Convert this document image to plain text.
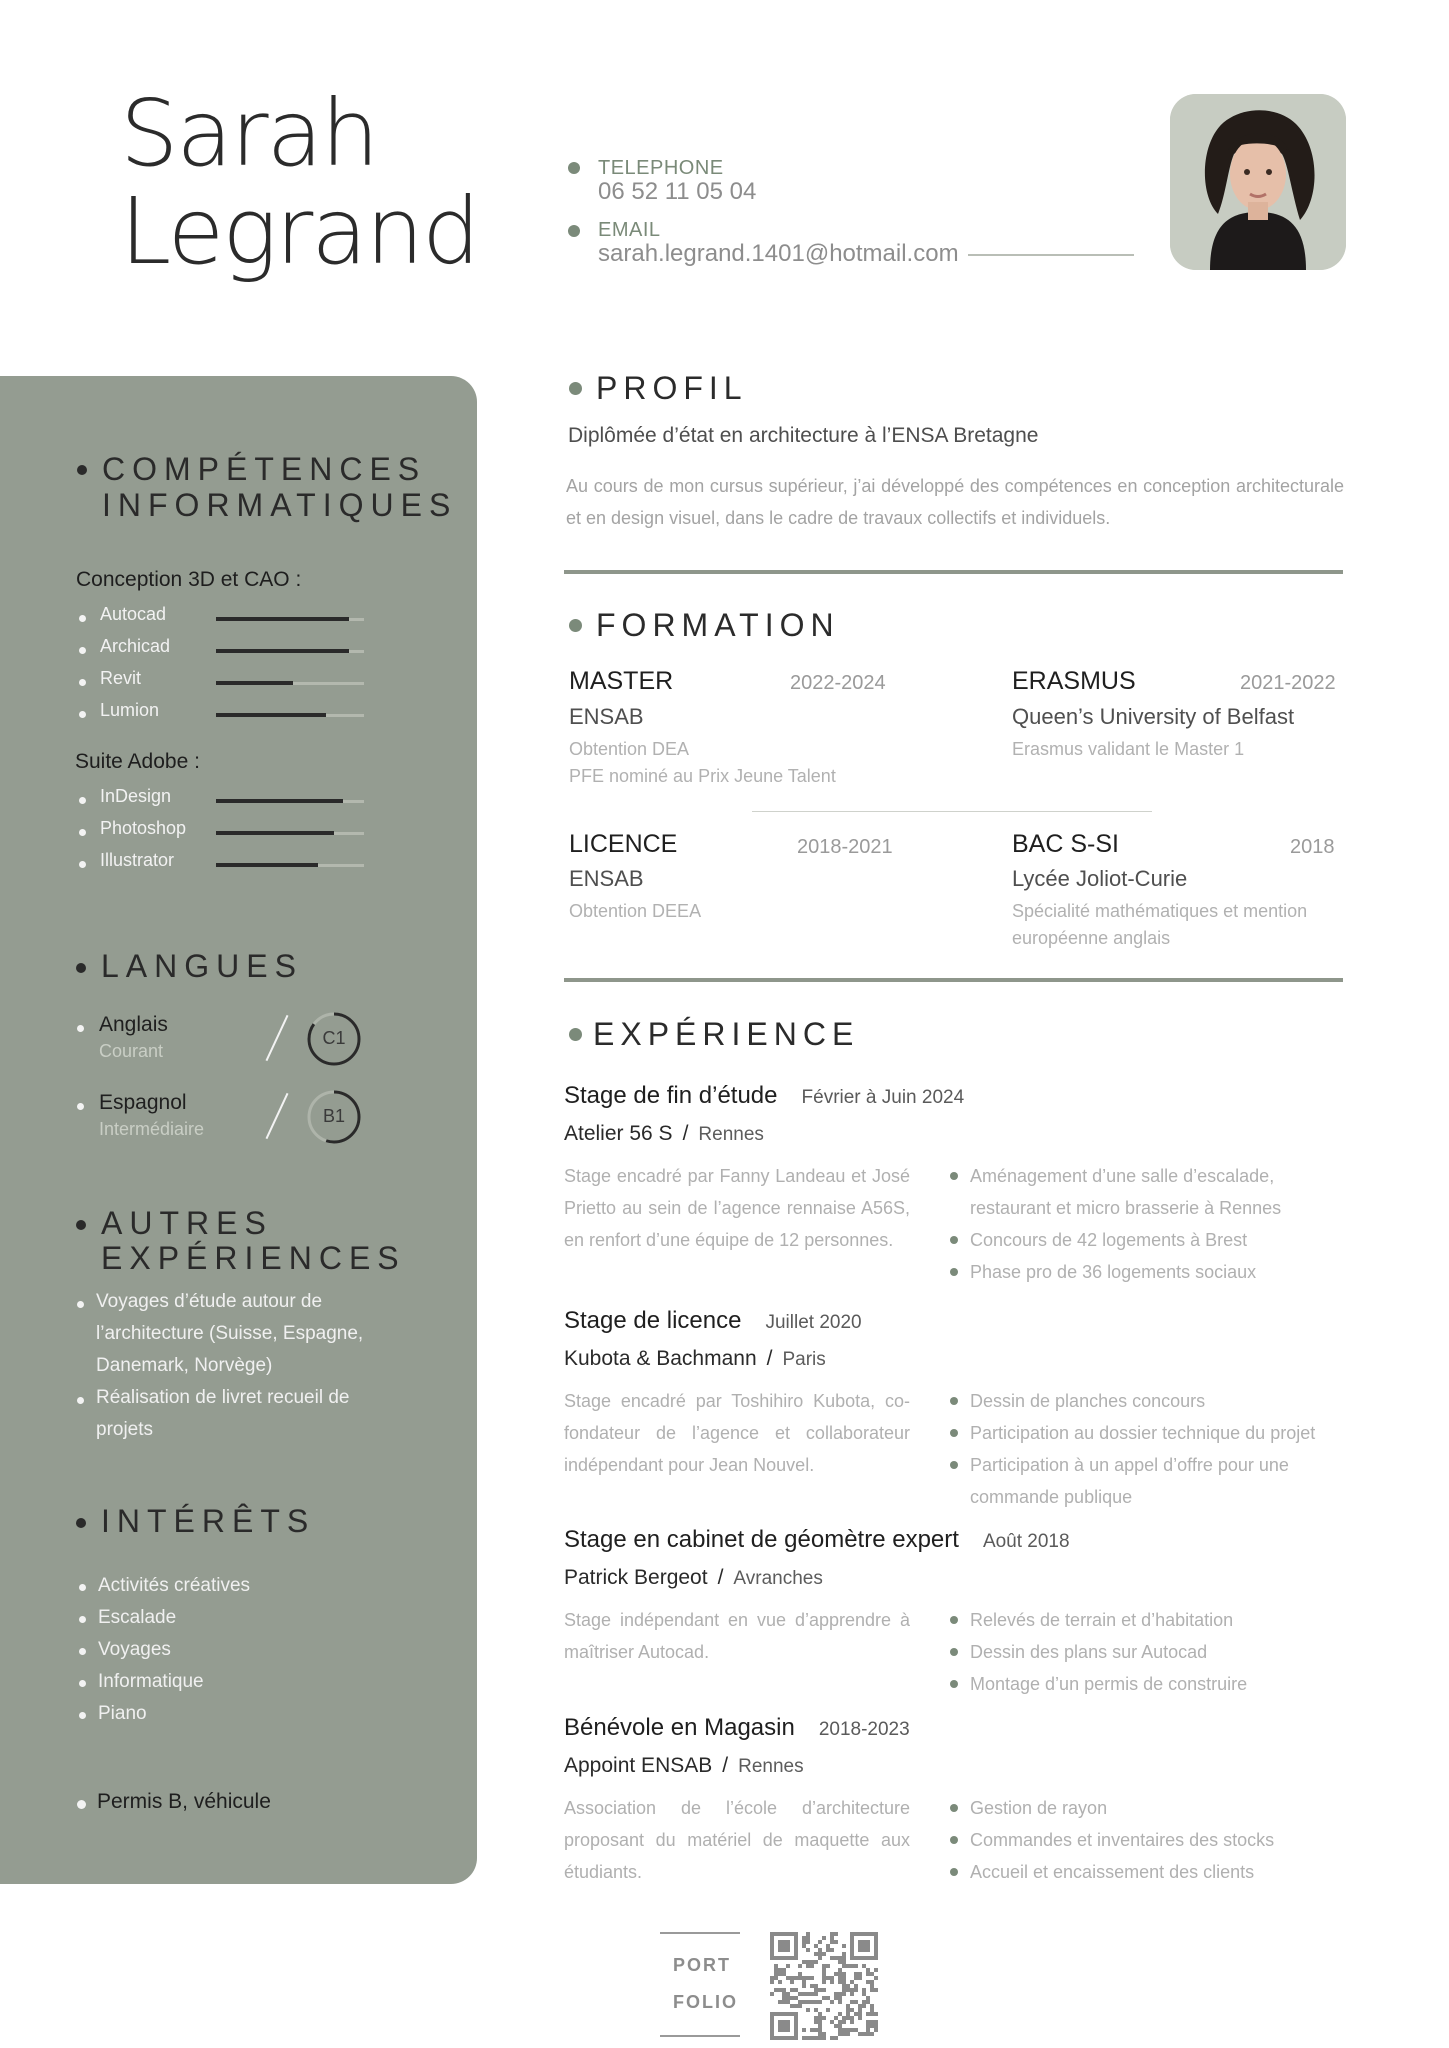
Sarah
Legrand
TELEPHONE
06 52 11 05 04
EMAIL
sarah.legrand.1401@hotmail.com
COMPÉTENCES
INFORMATIQUES
Conception 3D et CAO :
Autocad
Archicad
Revit
Lumion
Suite Adobe :
InDesign
Photoshop
Illustrator
LANGUES
Anglais
Courant
C1
Espagnol
Intermédiaire
B1
AUTRES
EXPÉRIENCES
Voyages d’étude autour de
l’architecture (Suisse, Espagne,
Danemark, Norvège)
Réalisation de livret recueil de
projets
INTÉRÊTS
Activités créatives
Escalade
Voyages
Informatique
Piano
Permis B, véhicule
PROFIL
Diplômée d’état en architecture à l’ENSA Bretagne
Au cours de mon cursus supérieur, j’ai développé des compétences en conception architecturale et en design visuel, dans le cadre de travaux collectifs et individuels.
FORMATION
MASTER	2022-2024
ENSAB
Obtention DEA
PFE nominé au Prix Jeune Talent
ERASMUS	2021-2022
Queen’s University of Belfast
Erasmus validant le Master 1
LICENCE	2018-2021
ENSAB
Obtention DEEA
BAC S-SI	2018
Lycée Joliot-Curie
Spécialité mathématiques et mention
européenne anglais
EXPÉRIENCE
Stage de fin d’étude Février à Juin 2024
Atelier 56 S / Rennes
Stage encadré par Fanny Landeau et José Prietto au sein de l’agence rennaise A56S, en renfort d’une équipe de 12 personnes.
Aménagement d’une salle d’escalade, restaurant et micro brasserie à Rennes
Concours de 42 logements à Brest
Phase pro de 36 logements sociaux
Stage de licence Juillet 2020
Kubota & Bachmann / Paris
Stage encadré par Toshihiro Kubota, co-fondateur de l’agence et collaborateur indépendant pour Jean Nouvel.
Dessin de planches concours
Participation au dossier technique du projet
Participation à un appel d’offre pour une commande publique
Stage en cabinet de géomètre expert Août 2018
Patrick Bergeot / Avranches
Stage indépendant en vue d’apprendre à maîtriser Autocad.
Relevés de terrain et d’habitation
Dessin des plans sur Autocad
Montage d’un permis de construire
Bénévole en Magasin 2018-2023
Appoint ENSAB / Rennes
Association de l’école d’architecture proposant du matériel de maquette aux étudiants.
Gestion de rayon
Commandes et inventaires des stocks
Accueil et encaissement des clients
PORT
FOLIO
